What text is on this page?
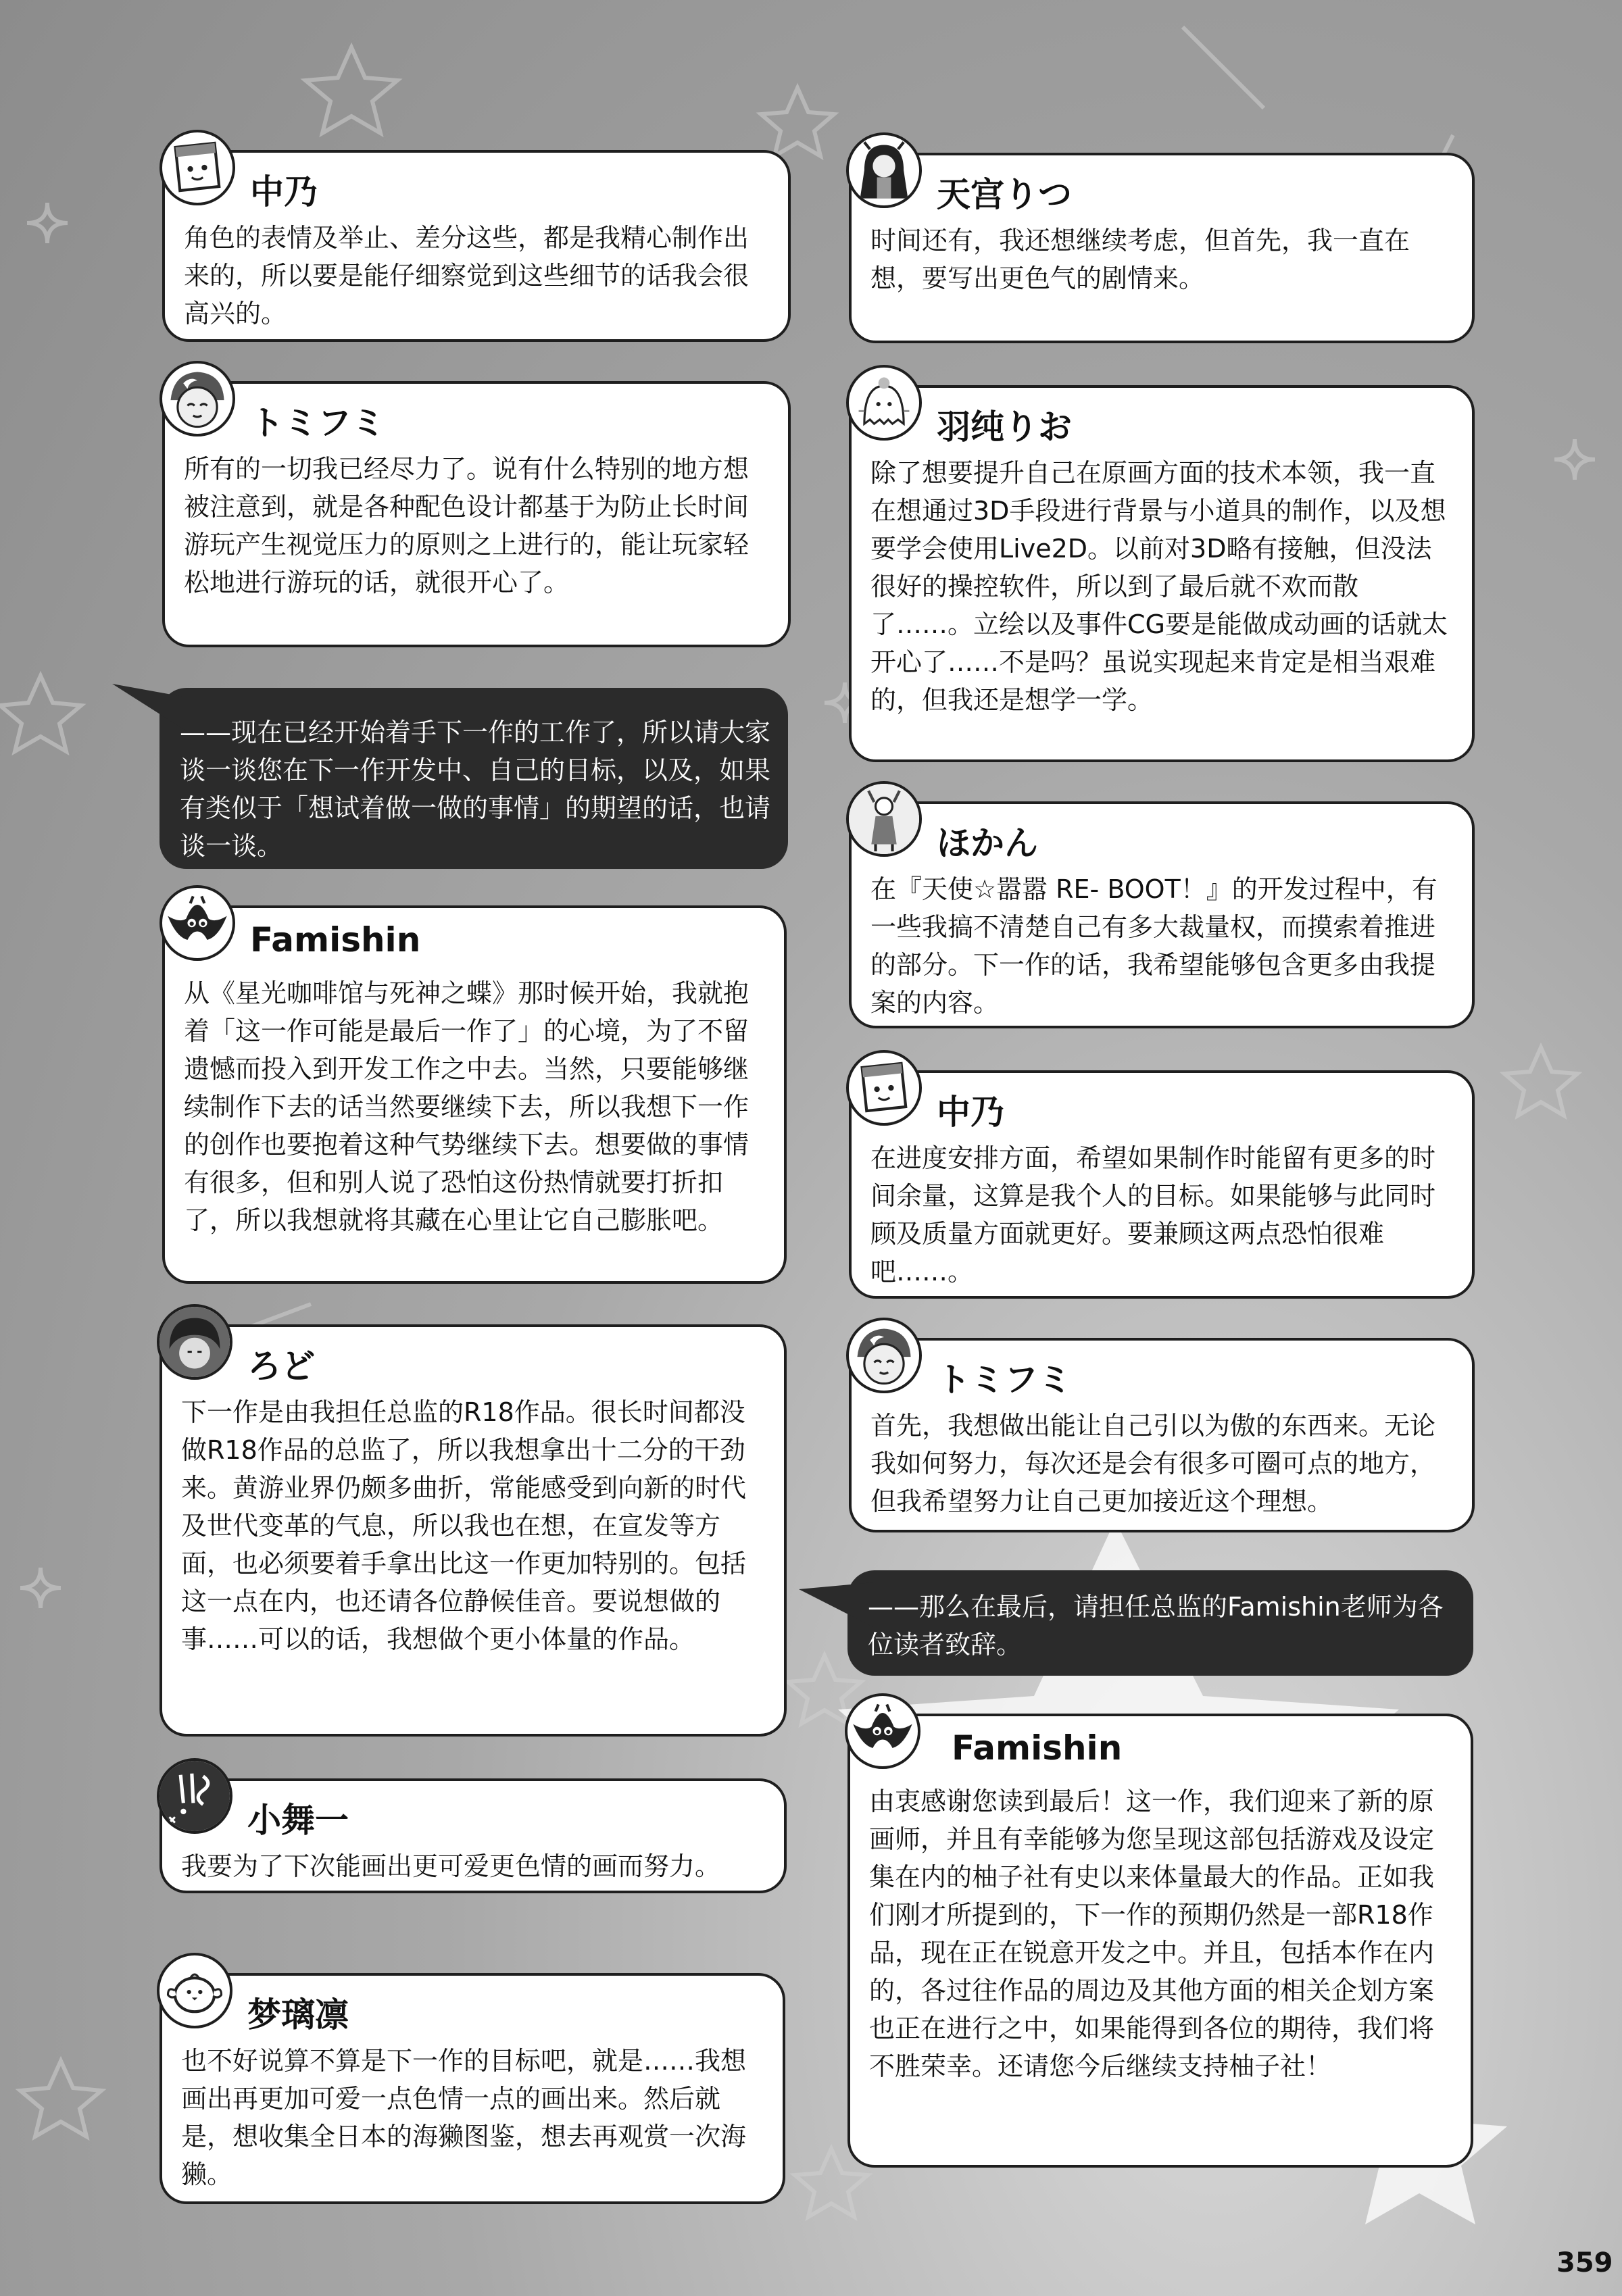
中乃

角色的表情及举止、差分这些，都是我精心制作出来的，所以要是能仔细察觉到这些细节的话我会很高兴的。

トミフミ

所有的一切我已经尽力了。说有什么特别的地方想被注意到，就是各种配色设计都基于为防止长时间游玩产生视觉压力的原则之上进行的，能让玩家轻松地进行游玩的话，就很开心了。

——现在已经开始着手下一作的工作了，所以请大家谈一谈您在下一作开发中、自己的目标，以及，如果有类似于「想试着做一做的事情」的期望的话，也请谈一谈。

Famishin

从《星光咖啡馆与死神之蝶》那时候开始，我就抱着「这一作可能是最后一作了」的心境，为了不留遗憾而投入到开发工作之中去。当然，只要能够继续制作下去的话当然要继续下去，所以我想下一作的创作也要抱着这种气势继续下去。想要做的事情有很多，但和别人说了恐怕这份热情就要打折扣了，所以我想就将其藏在心里让它自己膨胀吧。

ろど

下一作是由我担任总监的R18作品。很长时间都没做R18作品的总监了，所以我想拿出十二分的干劲来。黄游业界仍颇多曲折，常能感受到向新的时代及世代变革的气息，所以我也在想，在宣发等方面，也必须要着手拿出比这一作更加特别的。包括这一点在内，也还请各位静候佳音。要说想做的事……可以的话，我想做个更小体量的作品。

小舞一

我要为了下次能画出更可爱更色情的画而努力。

梦璃凛

也不好说算不算是下一作的目标吧，就是……我想画出再更加可爱一点色情一点的画出来。然后就是，想收集全日本的海獭图鉴，想去再观赏一次海獭。

天宫りつ

时间还有，我还想继续考虑，但首先，我一直在想，要写出更色气的剧情来。

羽纯りお

除了想要提升自己在原画方面的技术本领，我一直在想通过3D手段进行背景与小道具的制作，以及想要学会使用Live2D。以前对3D略有接触，但没法很好的操控软件，所以到了最后就不欢而散了……。立绘以及事件CG要是能做成动画的话就太开心了……不是吗？虽说实现起来肯定是相当艰难的，但我还是想学一学。

ほかん

在『天使☆嚣嚣 RE- BOOT！』的开发过程中，有一些我搞不清楚自己有多大裁量权，而摸索着推进的部分。下一作的话，我希望能够包含更多由我提案的内容。

中乃

在进度安排方面，希望如果制作时能留有更多的时间余量，这算是我个人的目标。如果能够与此同时顾及质量方面就更好。要兼顾这两点恐怕很难吧……。

トミフミ

首先，我想做出能让自己引以为傲的东西来。无论我如何努力，每次还是会有很多可圈可点的地方，但我希望努力让自己更加接近这个理想。

——那么在最后，请担任总监的Famishin老师为各位读者致辞。

Famishin

由衷感谢您读到最后！这一作，我们迎来了新的原画师，并且有幸能够为您呈现这部包括游戏及设定集在内的柚子社有史以来体量最大的作品。正如我们刚才所提到的，下一作的预期仍然是一部R18作品，现在正在锐意开发之中。并且，包括本作在内的，各过往作品的周边及其他方面的相关企划方案也正在进行之中，如果能得到各位的期待，我们将不胜荣幸。还请您今后继续支持柚子社！

359
